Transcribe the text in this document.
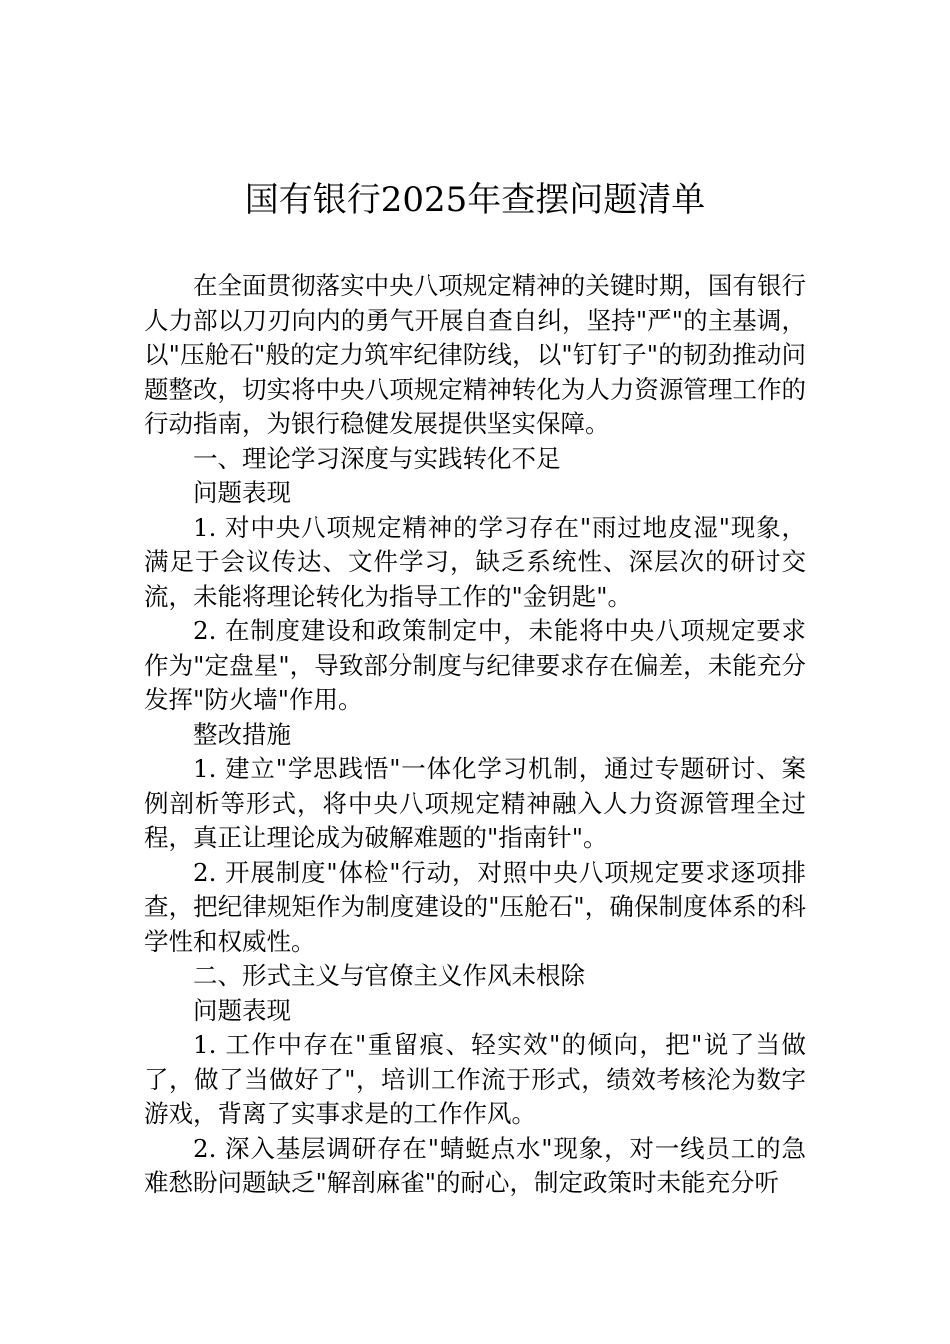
国有银行2025年查摆问题清单

在全面贯彻落实中央八项规定精神的关键时期，国有银行人力部以刀刃向内的勇气开展自查自纠，坚持"严"的主基调，以"压舱石"般的定力筑牢纪律防线，以"钉钉子"的韧劲推动问题整改，切实将中央八项规定精神转化为人力资源管理工作的行动指南，为银行稳健发展提供坚实保障。

一、理论学习深度与实践转化不足

问题表现

1. 对中央八项规定精神的学习存在"雨过地皮湿"现象，满足于会议传达、文件学习，缺乏系统性、深层次的研讨交流，未能将理论转化为指导工作的"金钥匙"。

2. 在制度建设和政策制定中，未能将中央八项规定要求作为"定盘星"，导致部分制度与纪律要求存在偏差，未能充分发挥"防火墙"作用。

整改措施

1. 建立"学思践悟"一体化学习机制，通过专题研讨、案例剖析等形式，将中央八项规定精神融入人力资源管理全过程，真正让理论成为破解难题的"指南针"。

2. 开展制度"体检"行动，对照中央八项规定要求逐项排查，把纪律规矩作为制度建设的"压舱石"，确保制度体系的科学性和权威性。

二、形式主义与官僚主义作风未根除

问题表现

1. 工作中存在"重留痕、轻实效"的倾向，把"说了当做了，做了当做好了"，培训工作流于形式，绩效考核沦为数字游戏，背离了实事求是的工作作风。

2. 深入基层调研存在"蜻蜓点水"现象，对一线员工的急难愁盼问题缺乏"解剖麻雀"的耐心，制定政策时未能充分听
